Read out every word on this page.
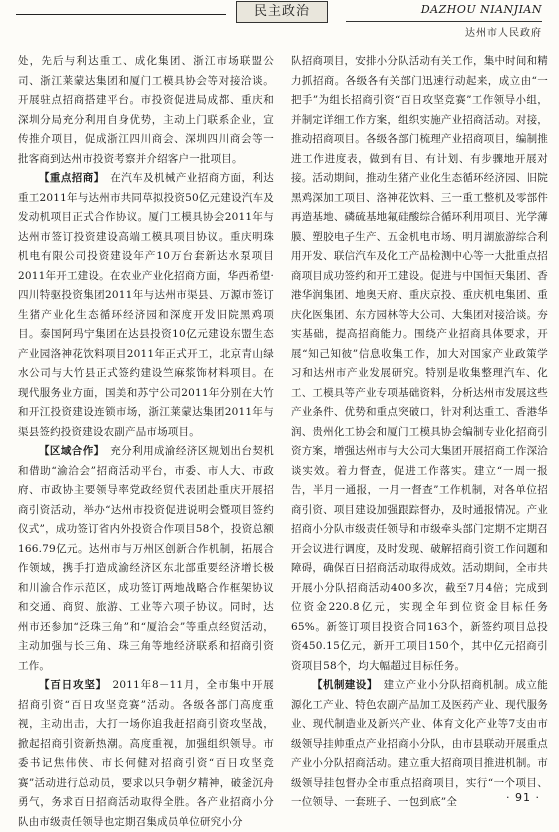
民主政治	DAZHOU NIANJIAN
达州市人民政府

处，先后与利达重工、成化集团、浙江市场联盟公司、浙江莱蒙达集团和厦门工模具协会等对接洽谈。开展驻点招商搭建平台。市投资促进局成都、重庆和深圳分局充分利用自身优势，主动上门联系企业，宣传推介项目，促成浙江四川商会、深圳四川商会等一批客商到达州市投资考察并介绍客户一批项目。

【重点招商】  在汽车及机械产业招商方面，利达重工2011年与达州市共同草拟投资50亿元建设汽车及发动机项目正式合作协议。厦门工模具协会2011年与达州市签订投资建设高端工模具项目协议。重庆明珠机电有限公司投资建设年产10万台套新达水泵项目2011年开工建设。在农业产业化招商方面，华西希望·四川特驱投资集团2011年与达州市渠县、万源市签订生猪产业化生态循环经济园和深度开发旧院黑鸡项目。泰国阿玛宁集团在达县投资10亿元建设东盟生态产业园洛神花饮料项目2011年正式开工，北京青山绿水公司与大竹县正式签约建设竺麻浆饰材料项目。在现代服务业方面，国美和苏宁公司2011年分别在大竹和开江投资建设连锁市场，浙江莱蒙达集团2011年与渠县签约投资建设农副产品市场项目。

【区域合作】  充分利用成渝经济区规划出台契机和借助“渝洽会”招商活动平台，市委、市人大、市政府、市政协主要领导率党政经贸代表团赴重庆开展招商引资活动，举办“达州市投资促进说明会暨项目签约仪式”，成功签订省内外投资合作项目58个，投资总额166.79亿元。达州市与万州区创新合作机制，拓展合作领域，携手打造成渝经济区东北部重要经济增长极和川渝合作示范区，成功签订两地战略合作框架协议和交通、商贸、旅游、工业等六项子协议。同时，达州市还参加“泛珠三角”和“厦洽会”等重点经贸活动，主动加强与长三角、珠三角等地经济联系和招商引资工作。

【百日攻坚】  2011年8－11月，全市集中开展招商引资“百日攻坚竞赛”活动。各级各部门高度重视，主动出击，大打一场你追我赶招商引资攻坚战，掀起招商引资新热潮。高度重视，加强组织领导。市委书记焦伟侠、市长何健对招商引资“百日攻坚竞赛”活动进行总动员，要求以只争朝夕精神，破釜沉舟勇气，务求百日招商活动取得全胜。各产业招商小分队由市级责任领导也定期召集成员单位研究小分

队招商项目，安排小分队活动有关工作，集中时间和精力抓招商。各级各有关部门迅速行动起来，成立由“一把手”为组长招商引资“百日攻坚竞赛”工作领导小组，并制定详细工作方案，组织实施产业招商活动。对接，推动招商项目。各级各部门梳理产业招商项目，编制推进工作进度表，做到有目、有计划、有步骤地开展对接。活动期间，推动生猪产业化生态循环经济园、旧院黑鸡深加工项目、洛神花饮料、三一重工整机及零部件再造基地、磷硫基地氟硅酸综合循环利用项目、光学薄膜、塑胶电子生产、五金机电市场、明月湖旅游综合利用开发、联信汽车及化工产品检测中心等一大批重点招商项目成功签约和开工建设。促进与中国恒天集团、香港华润集团、地奥天府、重庆京投、重庆机电集团、重庆化医集团、东方园林等大公司、大集团对接洽谈。夯实基础，提高招商能力。围绕产业招商具体要求，开展“知己知彼”信息收集工作，加大对国家产业政策学习和达州市产业发展研究。特别是收集整理汽车、化工、工模具等产业专项基础资料，分析达州市发展这些产业条件、优势和重点突破口，针对利达重工、香港华润、贵州化工协会和厦门工模具协会编制专业化招商引资方案，增强达州市与大公司大集团开展招商工作深洽谈实效。着力督查，促进工作落实。建立“一周一报告，半月一通报，一月一督查”工作机制，对各单位招商引资、项目建设加强跟踪督办，及时通报情况。产业招商小分队市级责任领导和市级牵头部门定期不定期召开会议进行调度，及时发现、破解招商引资工作问题和障碍，确保百日招商活动取得成效。活动期间，全市共开展小分队招商活动400多次，截至7月4倍；完成到位资金220.8亿元，实现全年到位资金目标任务65%。新签订项目投资合同163个，新签约项目总投资450.15亿元，新开工项目150个，其中亿元招商引资项目58个，均大幅超过目标任务。

【机制建设】  建立产业小分队招商机制。成立能源化工产业、特色农副产品加工及医药产业、现代服务业、现代制造业及新兴产业、体育文化产业等7支由市级领导挂帅重点产业招商小分队，由市县联动开展重点产业小分队招商活动。建立重大招商项目推进机制。市级领导挂包督办全市重点招商项目，实行“一个项目、一位领导、一套班子、一包到底”全	· 91 ·
